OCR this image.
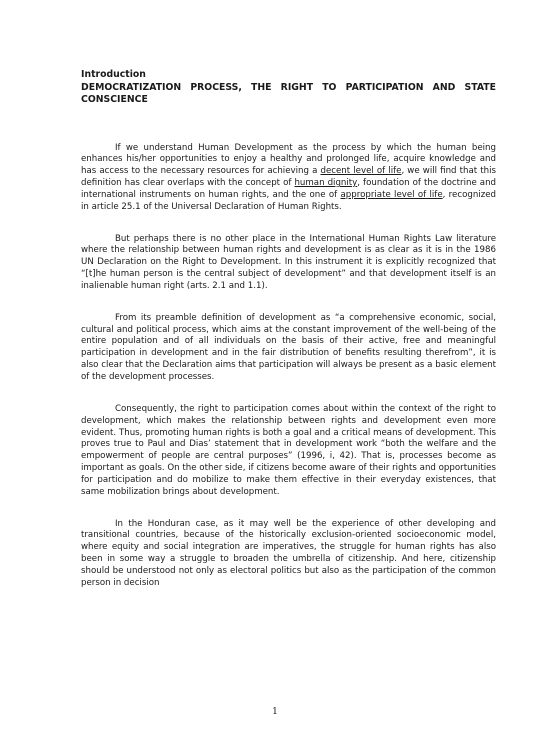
Introduction

DEMOCRATIZATION PROCESS, THE RIGHT TO PARTICIPATION AND STATE CONSCIENCE

If we understand Human Development as the process by which the human being enhances his/her opportunities to enjoy a healthy and prolonged life, acquire knowledge and has access to the necessary resources for achieving a decent level of life, we will find that this definition has clear overlaps with the concept of human dignity, foundation of the doctrine and international instruments on human rights, and the one of appropriate level of life, recognized in article 25.1 of the Universal Declaration of Human Rights.

But perhaps there is no other place in the International Human Rights Law literature where the relationship between human rights and development is as clear as it is in the 1986 UN Declaration on the Right to Development. In this instrument it is explicitly recognized that “[t]he human person is the central subject of development” and that development itself is an inalienable human right (arts. 2.1 and 1.1).

From its preamble definition of development as “a comprehensive economic, social, cultural and political process, which aims at the constant improvement of the well-being of the entire population and of all individuals on the basis of their active, free and meaningful participation in development and in the fair distribution of benefits resulting therefrom”, it is also clear that the Declaration aims that participation will always be present as a basic element of the development processes.

Consequently, the right to participation comes about within the context of the right to development, which makes the relationship between rights and development even more evident. Thus, promoting human rights is both a goal and a critical means of development. This proves true to Paul and Dias’ statement that in development work “both the welfare and the empowerment of people are central purposes” (1996, i, 42). That is, processes become as important as goals. On the other side, if citizens become aware of their rights and opportunities for participation and do mobilize to make them effective in their everyday existences, that same mobilization brings about development.

In the Honduran case, as it may well be the experience of other developing and transitional countries, because of the historically exclusion-oriented socioeconomic model, where equity and social integration are imperatives, the struggle for human rights has also been in some way a struggle to broaden the umbrella of citizenship. And here, citizenship should be understood not only as electoral politics but also as the participation of the common person in decision

1
